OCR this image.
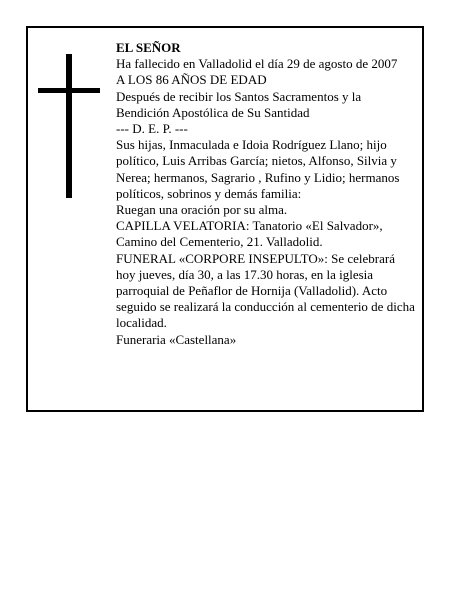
EL SEÑOR

Ha fallecido en Valladolid el día 29 de agosto de 2007

A LOS 86 AÑOS DE EDAD

Después de recibir los Santos Sacramentos y la Bendición Apostólica de Su Santidad

--- D. E. P. ---

Sus hijas, Inmaculada e Idoia Rodríguez Llano; hijo político, Luis Arribas García; nietos, Alfonso, Silvia y Nerea; hermanos, Sagrario , Rufino y Lidio; hermanos políticos, sobrinos y demás familia:

Ruegan una oración por su alma.

CAPILLA VELATORIA: Tanatorio «El Salvador», Camino del Cementerio, 21. Valladolid.

FUNERAL «CORPORE INSEPULTO»: Se celebrará hoy jueves, día 30, a las 17.30 horas, en la iglesia parroquial de Peñaflor de Hornija (Valladolid). Acto seguido se realizará la conducción al cementerio de dicha localidad.

Funeraria «Castellana»
